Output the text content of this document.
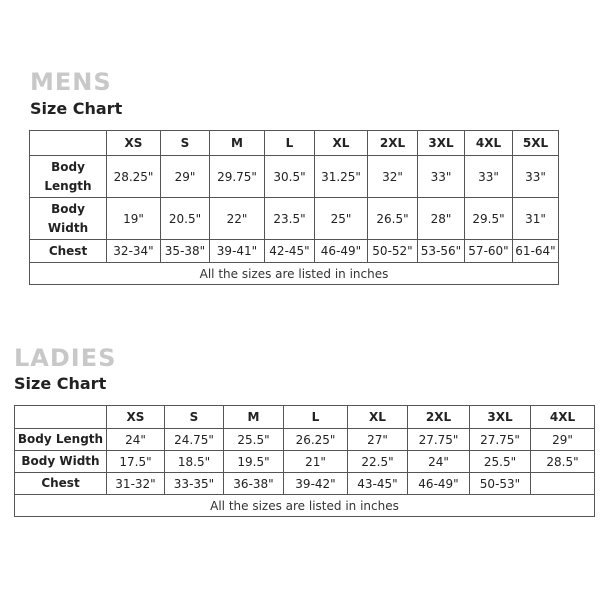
MENS
Size Chart
	XS	S	M	L	XL	2XL	3XL	4XL	5XL
Body Length	28.25"	29"	29.75"	30.5"	31.25"	32"	33"	33"	33"
Body Width	19"	20.5"	22"	23.5"	25"	26.5"	28"	29.5"	31"
Chest	32-34"	35-38"	39-41"	42-45"	46-49"	50-52"	53-56"	57-60"	61-64"
All the sizes are listed in inches									
LADIES
Size Chart
	XS	S	M	L	XL	2XL	3XL	4XL
Body Length	24"	24.75"	25.5"	26.25"	27"	27.75"	27.75"	29"
Body Width	17.5"	18.5"	19.5"	21"	22.5"	24"	25.5"	28.5"
Chest	31-32"	33-35"	36-38"	39-42"	43-45"	46-49"	50-53"	
All the sizes are listed in inches								
